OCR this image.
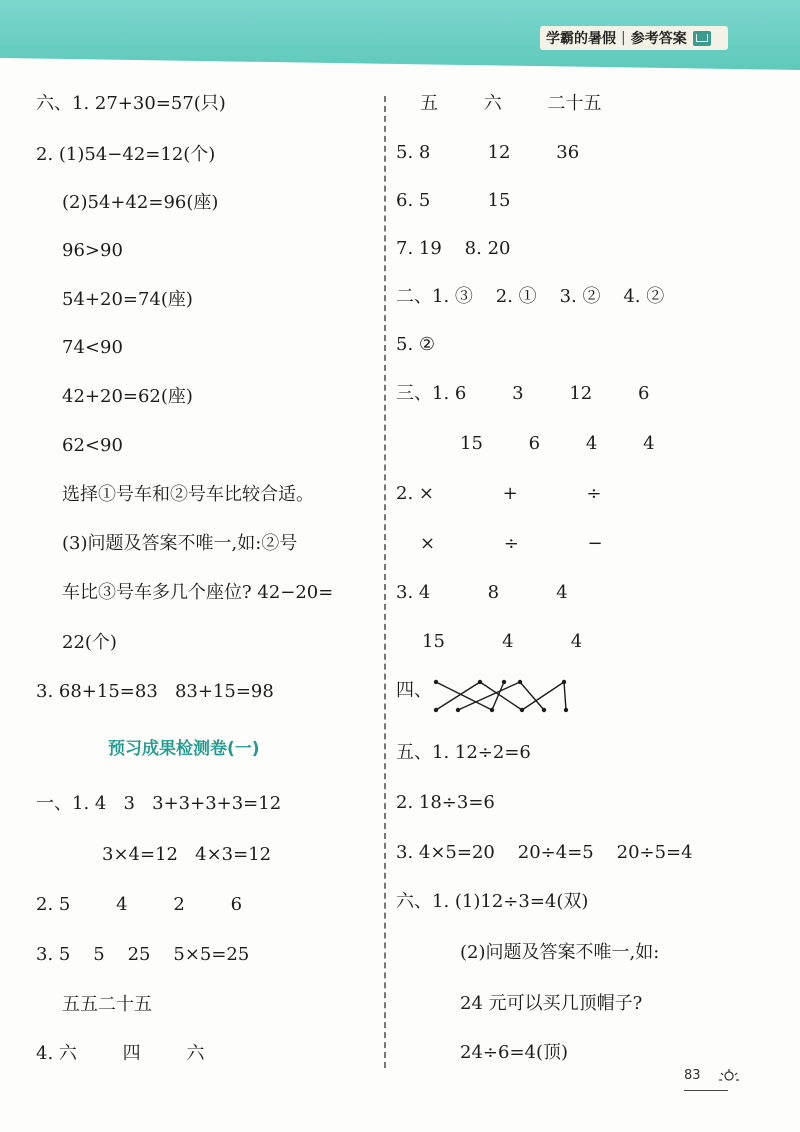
学霸的暑假 | 参考答案
六、1. 27+30=57(只)
2. (1)54−42=12(个)
(2)54+42=96(座)
96>90
54+20=74(座)
74<90
42+20=62(座)
62<90
选择①号车和②号车比较合适。
(3)问题及答案不唯一,如:②号
车比③号车多几个座位? 42−20=
22(个)
3. 68+15=83   83+15=98
预习成果检测卷(一)
一、1. 4   3   3+3+3+3=12
3×4=12   4×3=12
2. 5        4        2        6
3. 5    5    25    5×5=25
五五二十五
4. 六        四        六
五        六        二十五
5. 8          12        36
6. 5          15
7. 19    8. 20
二、1. ③    2. ①    3. ②    4. ②
5. ②
三、1. 6        3        12        6
15        6        4        4
2. ×            +            ÷
×            ÷            −
3. 4          8          4
15          4          4
四、
五、1. 12÷2=6
2. 18÷3=6
3. 4×5=20    20÷4=5    20÷5=4
六、1. (1)12÷3=4(双)
(2)问题及答案不唯一,如:
24 元可以买几顶帽子?
24÷6=4(顶)
83
